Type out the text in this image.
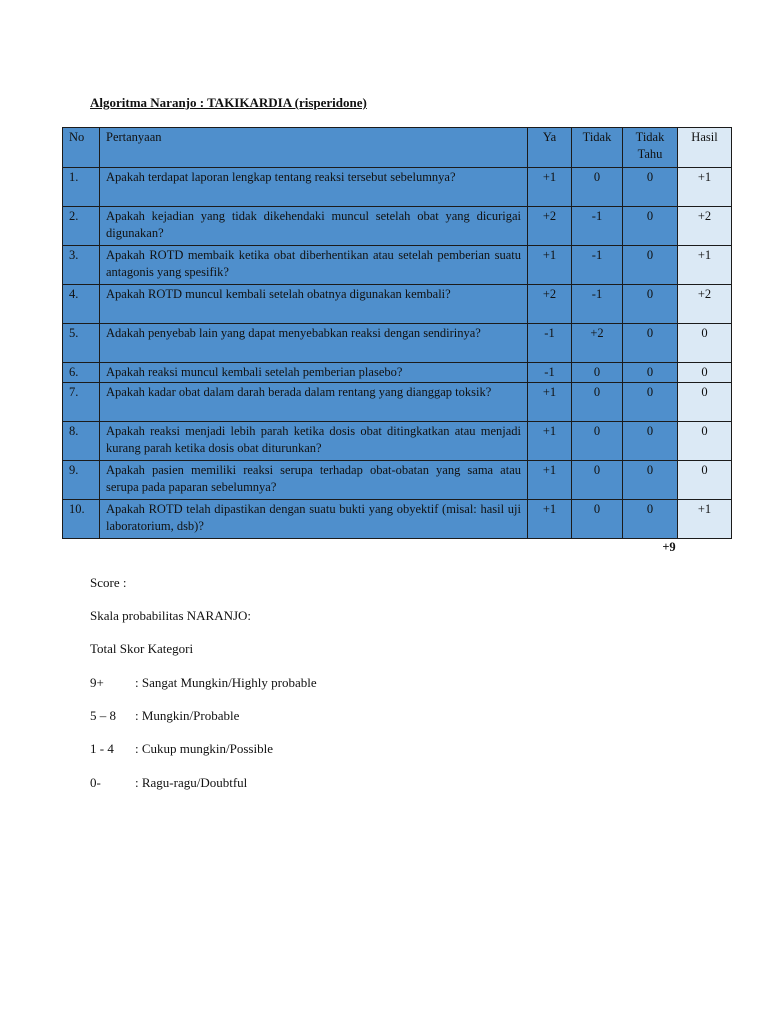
Algoritma Naranjo : TAKIKARDIA (risperidone)
No	Pertanyaan	Ya	Tidak	Tidak Tahu	Hasil
1.	Apakah terdapat laporan lengkap tentang reaksi tersebut sebelumnya?	+1	0	0	+1
2.	Apakah kejadian yang tidak dikehendaki muncul setelah obat yang dicurigai digunakan?	+2	-1	0	+2
3.	Apakah ROTD membaik ketika obat diberhentikan atau setelah pemberian suatu antagonis yang spesifik?	+1	-1	0	+1
4.	Apakah ROTD muncul kembali setelah obatnya digunakan kembali?	+2	-1	0	+2
5.	Adakah penyebab lain yang dapat menyebabkan reaksi dengan sendirinya?	-1	+2	0	0
6.	Apakah reaksi muncul kembali setelah pemberian plasebo?	-1	0	0	0
7.	Apakah kadar obat dalam darah berada dalam rentang yang dianggap toksik?	+1	0	0	0
8.	Apakah reaksi menjadi lebih parah ketika dosis obat ditingkatkan atau menjadi kurang parah ketika dosis obat diturunkan?	+1	0	0	0
9.	Apakah pasien memiliki reaksi serupa terhadap obat-obatan yang sama atau serupa pada paparan sebelumnya?	+1	0	0	0
10.	Apakah ROTD telah dipastikan dengan suatu bukti yang obyektif (misal: hasil uji laboratorium, dsb)?	+1	0	0	+1
+9
Score :
Skala probabilitas NARANJO:
Total Skor Kategori
9+ : Sangat Mungkin/Highly probable
5 – 8 : Mungkin/Probable
1 - 4 : Cukup mungkin/Possible
0-	: Ragu-ragu/Doubtful
